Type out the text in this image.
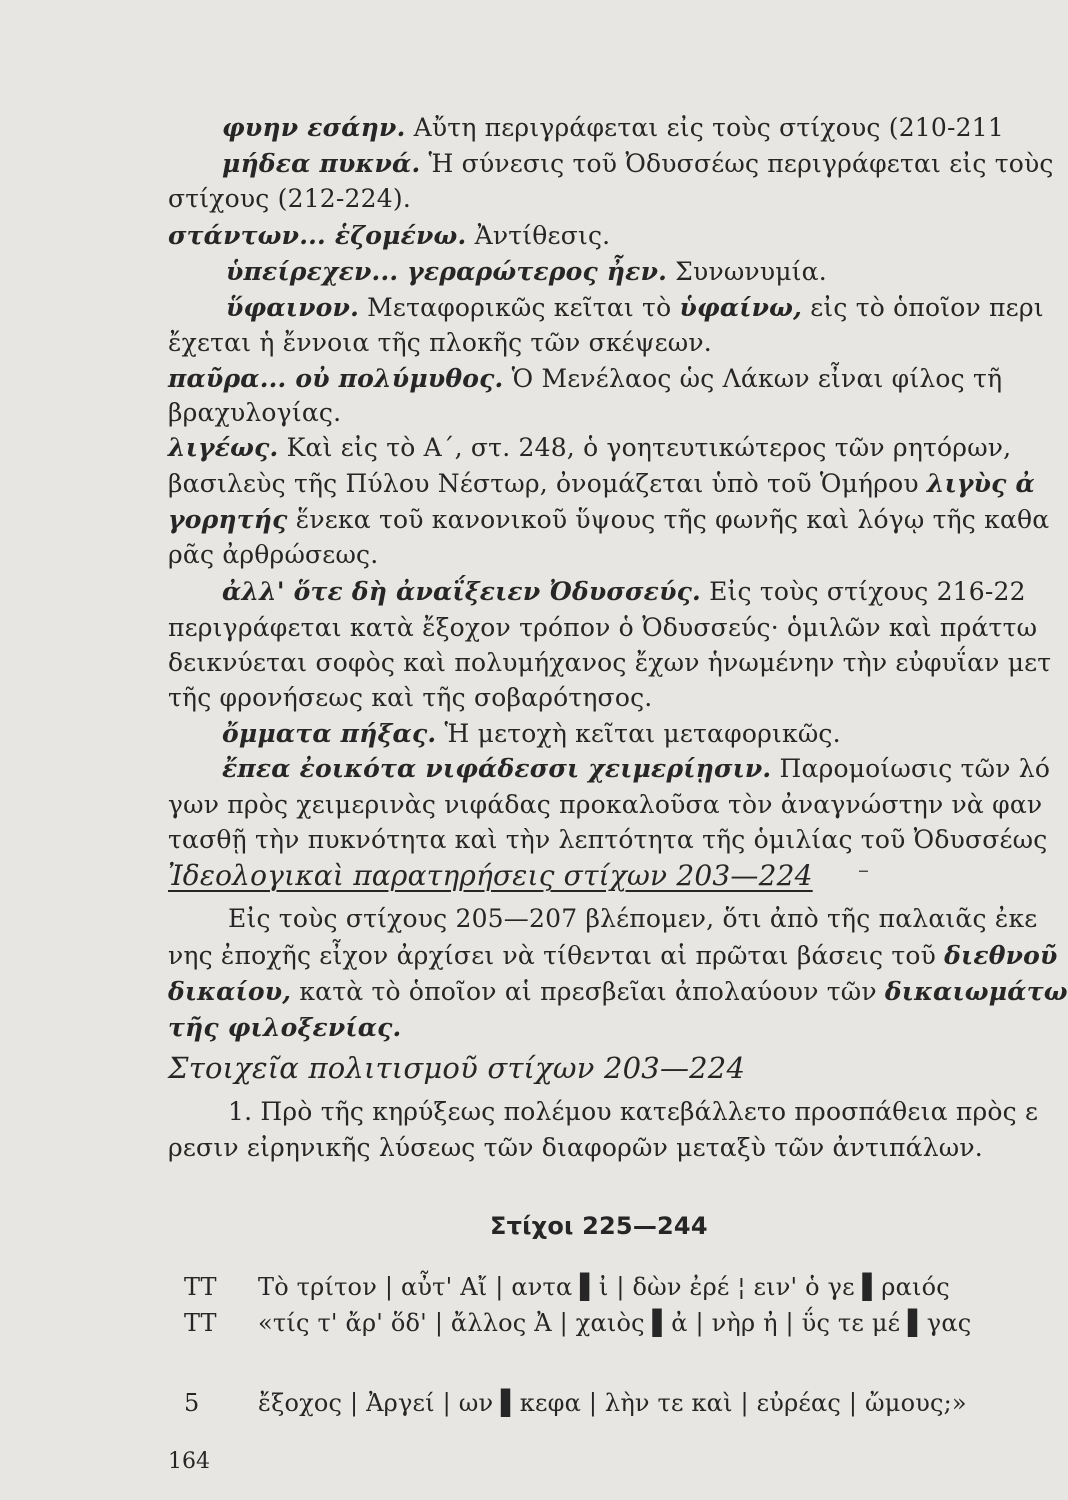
φυην εσάην. Αὔτη περιγράφεται εἰς τοὺς στίχους (210-211
μήδεα πυκνά. Ἡ σύνεσις τοῦ Ὀδυσσέως περιγράφεται εἰς τοὺς
στίχους (212-224).
στάντων... ἑζομένω. Ἀντίθεσις.
ὑπείρεχεν... γεραρώτερος ἦεν. Συνωνυμία.
ὕφαινον. Μεταφορικῶς κεῖται τὸ ὑφαίνω, εἰς τὸ ὁποῖον περι
ἔχεται ἡ ἔννοια τῆς πλοκῆς τῶν σκέψεων.
παῦρα... οὐ πολύμυθος. Ὁ Μενέλαος ὡς Λάκων εἶναι φίλος τῆ
βραχυλογίας.
λιγέως. Καὶ εἰς τὸ Α΄, στ. 248, ὁ γοητευτικώτερος τῶν ρητόρων,
βασιλεὺς τῆς Πύλου Νέστωρ, ὀνομάζεται ὑπὸ τοῦ Ὁμήρου λιγὺς ἀ
γορητής ἕνεκα τοῦ κανονικοῦ ὕψους τῆς φωνῆς καὶ λόγῳ τῆς καθα
ρᾶς ἀρθρώσεως.
ἀλλ' ὅτε δὴ ἀναΐξειεν Ὀδυσσεύς. Εἰς τοὺς στίχους 216-22
περιγράφεται κατὰ ἔξοχον τρόπον ὁ Ὀδυσσεύς· ὁμιλῶν καὶ πράττω
δεικνύεται σοφὸς καὶ πολυμήχανος ἔχων ἡνωμένην τὴν εὐφυΐαν μετ
τῆς φρονήσεως καὶ τῆς σοβαρότησος.
ὄμματα πήξας. Ἡ μετοχὴ κεῖται μεταφορικῶς.
ἔπεα ἐοικότα νιφάδεσσι χειμερίῃσιν. Παρομοίωσις τῶν λό
γων πρὸς χειμερινὰς νιφάδας προκαλοῦσα τὸν ἀναγνώστην νὰ φαν
τασθῇ τὴν πυκνότητα καὶ τὴν λεπτότητα τῆς ὁμιλίας τοῦ Ὀδυσσέως
Ἰδεολογικαὶ παρατηρήσεις στίχων 203—224 –
Εἰς τοὺς στίχους 205—207 βλέπομεν, ὅτι ἀπὸ τῆς παλαιᾶς ἐκε
νης ἐποχῆς εἶχον ἀρχίσει νὰ τίθενται αἱ πρῶται βάσεις τοῦ διεθνοῦ
δικαίου, κατὰ τὸ ὁποῖον αἱ πρεσβεῖαι ἀπολαύουν τῶν δικαιωμάτω
τῆς φιλοξενίας.
Στοιχεῖα πολιτισμοῦ στίχων 203—224
1. Πρὸ τῆς κηρύξεως πολέμου κατεβάλλετο προσπάθεια πρὸς ε
ρεσιν εἰρηνικῆς λύσεως τῶν διαφορῶν μεταξὺ τῶν ἀντιπάλων.
Στίχοι 225—244
TT Τὸ τρίτον | αὖτ' Αἴ | αντα ▌ἰ | δὼν ἐρέ ¦ ειν' ὁ γε ▌ραιός
TT «τίς τ' ἄρ' ὅδ' | ἄλλος Ἀ | χαιὸς ▌ἀ | νὴρ ἠ | ΰς τε μέ ▌γας
5 ἔξοχος | Ἀργεί | ων ▌κεφα | λὴν τε καὶ | εὐρέας | ὤμους;»
164
